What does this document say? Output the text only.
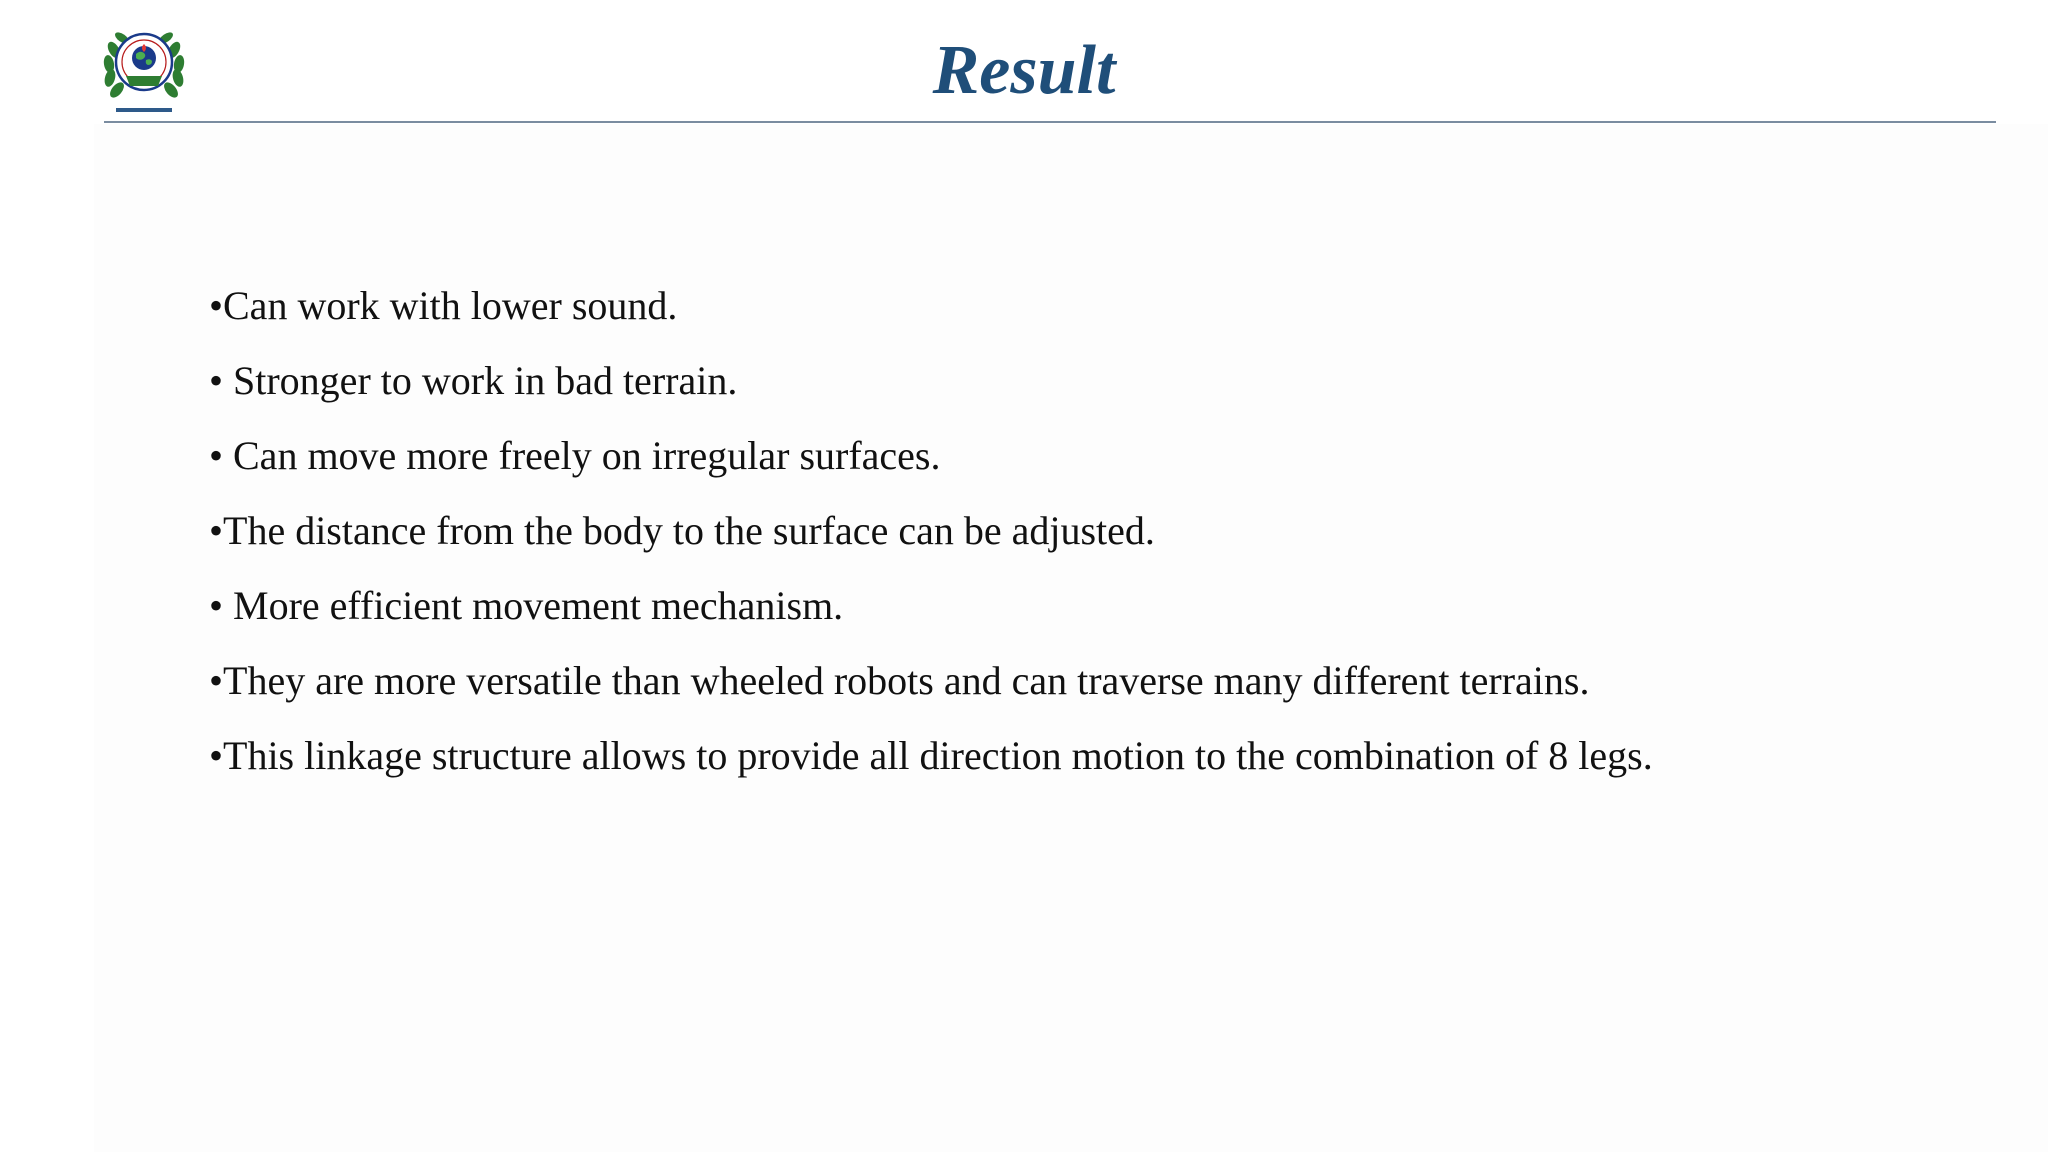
Result
•Can work with lower sound.
• Stronger to work in bad terrain.
• Can move more freely on irregular surfaces.
•The distance from the body to the surface can be adjusted.
• More efficient movement mechanism.
•They are more versatile than wheeled robots and can traverse many different terrains.
•This linkage structure allows to provide all direction motion to the combination of 8 legs.
